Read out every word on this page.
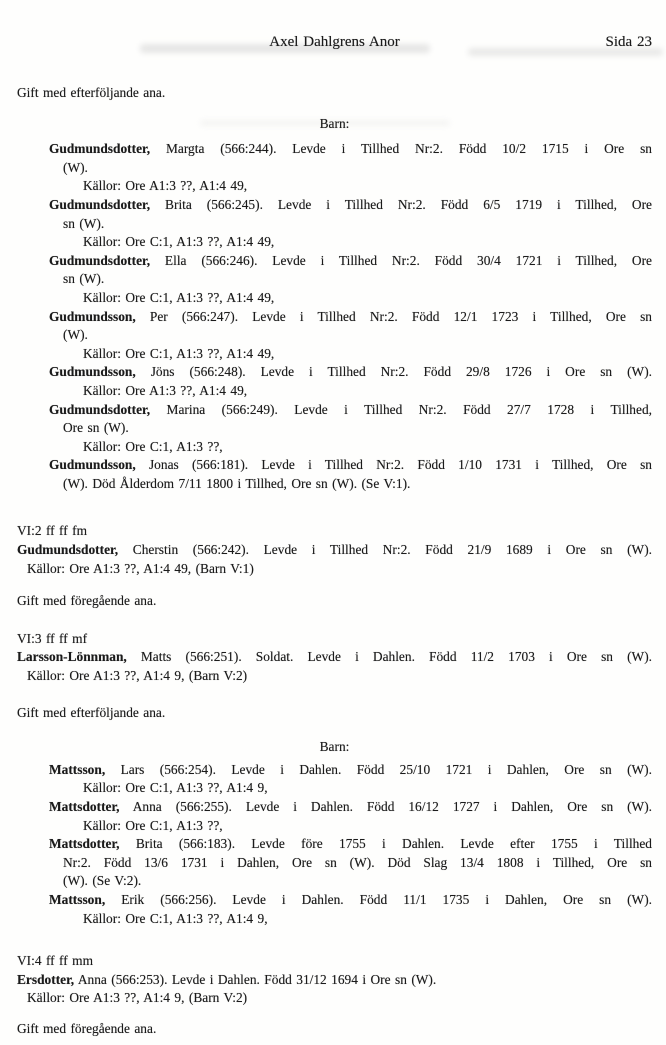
Axel Dahlgrens Anor	Sida 23
Gift med efterföljande ana.
Barn:
Gudmundsdotter, Margta (566:244). Levde i Tillhed Nr:2. Född 10/2 1715 i Ore sn
(W).
Källor: Ore A1:3 ??, A1:4 49,
Gudmundsdotter, Brita (566:245). Levde i Tillhed Nr:2. Född 6/5 1719 i Tillhed, Ore
sn (W).
Källor: Ore C:1, A1:3 ??, A1:4 49,
Gudmundsdotter, Ella (566:246). Levde i Tillhed Nr:2. Född 30/4 1721 i Tillhed, Ore
sn (W).
Källor: Ore C:1, A1:3 ??, A1:4 49,
Gudmundsson, Per (566:247). Levde i Tillhed Nr:2. Född 12/1 1723 i Tillhed, Ore sn
(W).
Källor: Ore C:1, A1:3 ??, A1:4 49,
Gudmundsson, Jöns (566:248). Levde i Tillhed Nr:2. Född 29/8 1726 i Ore sn (W).
Källor: Ore A1:3 ??, A1:4 49,
Gudmundsdotter, Marina (566:249). Levde i Tillhed Nr:2. Född 27/7 1728 i Tillhed,
Ore sn (W).
Källor: Ore C:1, A1:3 ??,
Gudmundsson, Jonas (566:181). Levde i Tillhed Nr:2. Född 1/10 1731 i Tillhed, Ore sn
(W). Död Ålderdom 7/11 1800 i Tillhed, Ore sn (W). (Se V:1).
VI:2 ff ff fm
Gudmundsdotter, Cherstin (566:242). Levde i Tillhed Nr:2. Född 21/9 1689 i Ore sn (W).
Källor: Ore A1:3 ??, A1:4 49, (Barn V:1)
Gift med föregående ana.
VI:3 ff ff mf
Larsson-Lönnman, Matts (566:251). Soldat. Levde i Dahlen. Född 11/2 1703 i Ore sn (W).
Källor: Ore A1:3 ??, A1:4 9, (Barn V:2)
Gift med efterföljande ana.
Barn:
Mattsson, Lars (566:254). Levde i Dahlen. Född 25/10 1721 i Dahlen, Ore sn (W).
Källor: Ore C:1, A1:3 ??, A1:4 9,
Mattsdotter, Anna (566:255). Levde i Dahlen. Född 16/12 1727 i Dahlen, Ore sn (W).
Källor: Ore C:1, A1:3 ??,
Mattsdotter, Brita (566:183). Levde före 1755 i Dahlen. Levde efter 1755 i Tillhed
Nr:2. Född 13/6 1731 i Dahlen, Ore sn (W). Död Slag 13/4 1808 i Tillhed, Ore sn
(W). (Se V:2).
Mattsson, Erik (566:256). Levde i Dahlen. Född 11/1 1735 i Dahlen, Ore sn (W).
Källor: Ore C:1, A1:3 ??, A1:4 9,
VI:4 ff ff mm
Ersdotter, Anna (566:253). Levde i Dahlen. Född 31/12 1694 i Ore sn (W).
Källor: Ore A1:3 ??, A1:4 9, (Barn V:2)
Gift med föregående ana.
